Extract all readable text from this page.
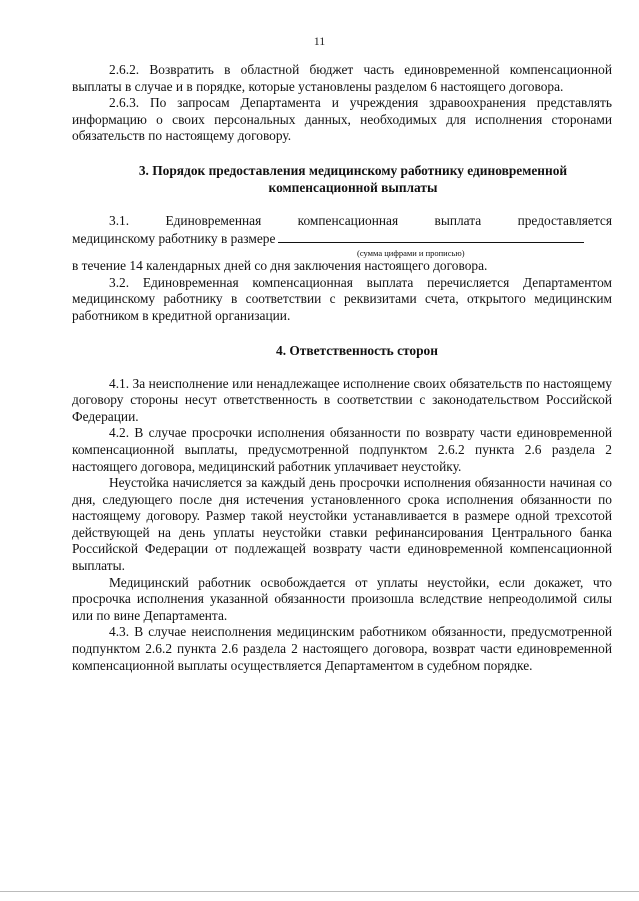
11

2.6.2. Возвратить в областной бюджет часть единовременной компенсационной выплаты в случае и в порядке, которые установлены разделом 6 настоящего договора.

2.6.3. По запросам Департамента и учреждения здравоохранения представлять информацию о своих персональных данных, необходимых для исполнения сторонами обязательств по настоящему договору.

3. Порядок предоставления медицинскому работнику единовременной компенсационной выплаты

3.1. Единовременная компенсационная выплата предоставляется

медицинскому работнику в размере
(сумма цифрами и прописью)

в течение 14 календарных дней со дня заключения настоящего договора.

3.2. Единовременная компенсационная выплата перечисляется Департаментом медицинскому работнику в соответствии с реквизитами счета, открытого медицинским работником в кредитной организации.

4. Ответственность сторон

4.1. За неисполнение или ненадлежащее исполнение своих обязательств по настоящему договору стороны несут ответственность в соответствии с законодательством Российской Федерации.

4.2. В случае просрочки исполнения обязанности по возврату части единовременной компенсационной выплаты, предусмотренной подпунктом 2.6.2 пункта 2.6 раздела 2 настоящего договора, медицинский работник уплачивает неустойку.

Неустойка начисляется за каждый день просрочки исполнения обязанности начиная со дня, следующего после дня истечения установленного срока исполнения обязанности по настоящему договору. Размер такой неустойки устанавливается в размере одной трехсотой действующей на день уплаты неустойки ставки рефинансирования Центрального банка Российской Федерации от подлежащей возврату части единовременной компенсационной выплаты.

Медицинский работник освобождается от уплаты неустойки, если докажет, что просрочка исполнения указанной обязанности произошла вследствие непреодолимой силы или по вине Департамента.

4.3. В случае неисполнения медицинским работником обязанности, предусмотренной подпунктом 2.6.2 пункта 2.6 раздела 2 настоящего договора, возврат части единовременной компенсационной выплаты осуществляется Департаментом в судебном порядке.
